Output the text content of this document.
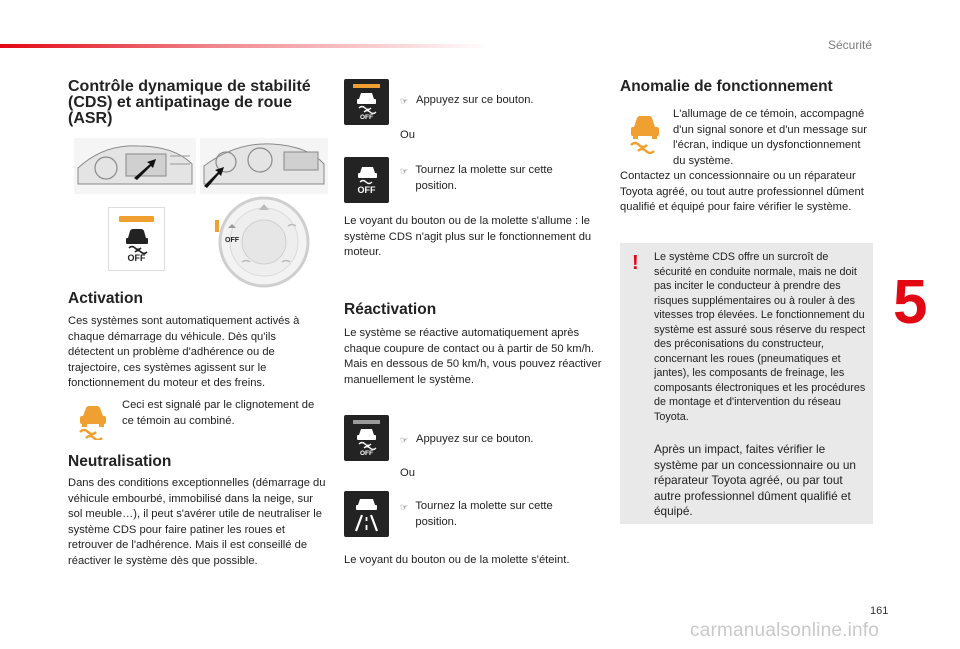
Sécurité
5
161
carmanualsonline.info
Contrôle dynamique de stabilité (CDS) et antipatinage de roue (ASR)
OFF
OFF
Activation

Ces systèmes sont automatiquement activés à chaque démarrage du véhicule. Dès qu'ils détectent un problème d'adhérence ou de trajectoire, ces systèmes agissent sur le fonctionnement du moteur et des freins.

Ceci est signalé par le clignotement de ce témoin au combiné.

Neutralisation

Dans des conditions exceptionnelles (démarrage du véhicule embourbé, immobilisé dans la neige, sur sol meuble…), il peut s'avérer utile de neutraliser le système CDS pour faire patiner les roues et retrouver de l'adhérence. Mais il est conseillé de réactiver le système dès que possible.

OFF
☞ Appuyez sur ce bouton.
Ou
OFF
☞ Tournez la molette sur cette position.

Le voyant du bouton ou de la molette s'allume : le système CDS n'agit plus sur le fonctionnement du moteur.

Réactivation

Le système se réactive automatiquement après chaque coupure de contact ou à partir de 50 km/h. Mais en dessous de 50 km/h, vous pouvez réactiver manuellement le système.

OFF
☞ Appuyez sur ce bouton.
Ou
☞ Tournez la molette sur cette position.

Le voyant du bouton ou de la molette s'éteint.

Anomalie de fonctionnement

L'allumage de ce témoin, accompagné d'un signal sonore et d'un message sur l'écran, indique un dysfonctionnement du système.

Contactez un concessionnaire ou un réparateur Toyota agréé, ou tout autre professionnel dûment qualifié et équipé pour faire vérifier le système.

! Le système CDS offre un surcroît de sécurité en conduite normale, mais ne doit pas inciter le conducteur à prendre des risques supplémentaires ou à rouler à des vitesses trop élevées. Le fonctionnement du système est assuré sous réserve du respect des préconisations du constructeur, concernant les roues (pneumatiques et jantes), les composants de freinage, les composants électroniques et les procédures de montage et d'intervention du réseau Toyota.
Après un impact, faites vérifier le système par un concessionnaire ou un réparateur Toyota agréé, ou par tout autre professionnel dûment qualifié et équipé.
